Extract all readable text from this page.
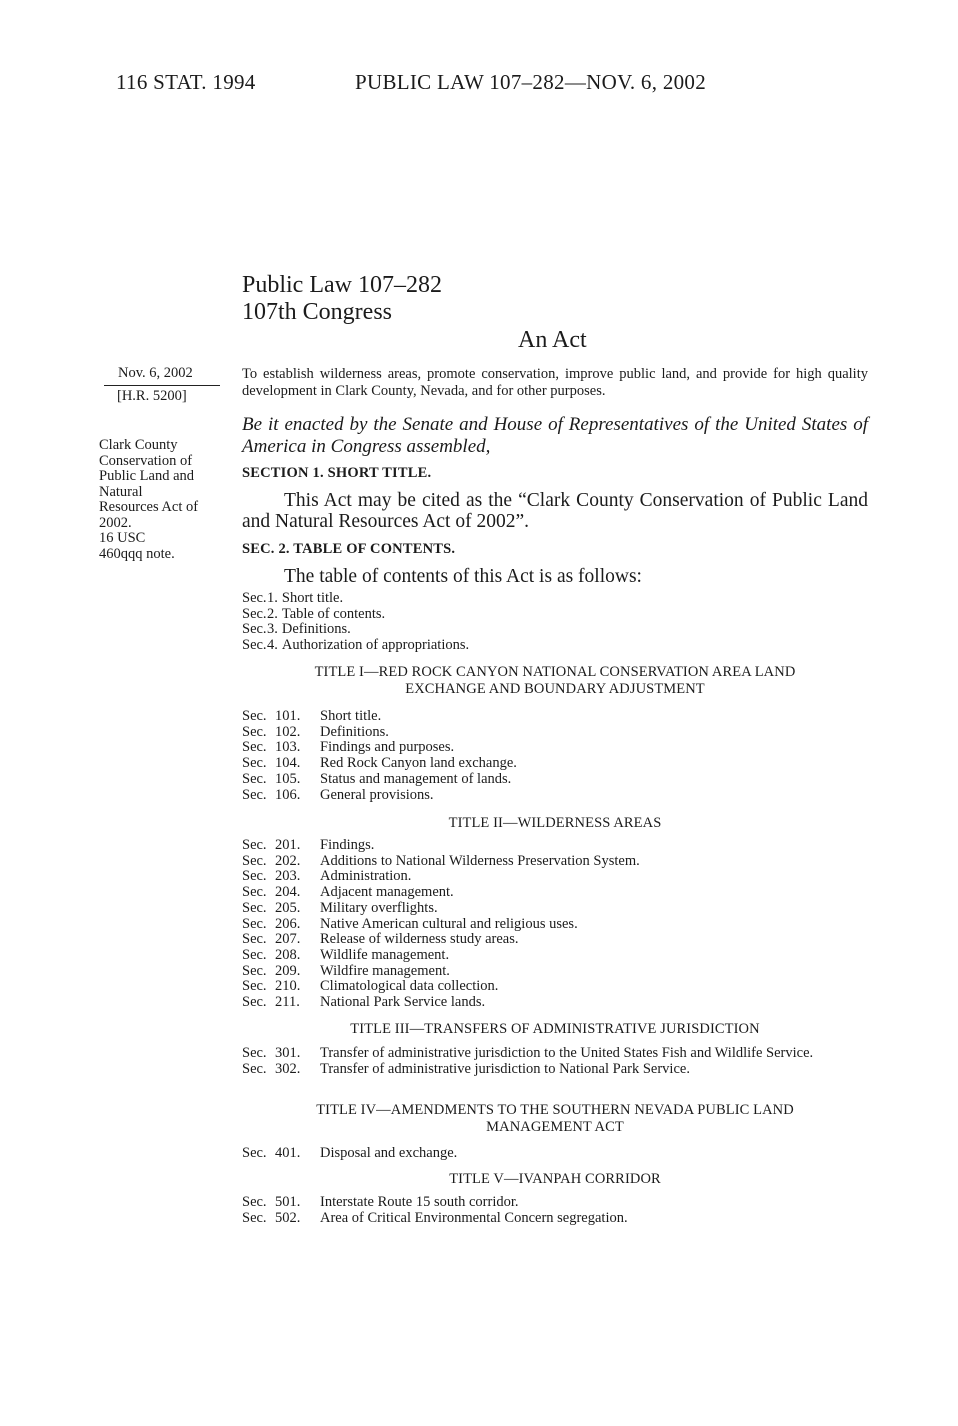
116 STAT. 1994	PUBLIC LAW 107–282—NOV. 6, 2002
Public Law 107–282
107th Congress
An Act
Nov. 6, 2002
[H.R. 5200]
Clark County
Conservation of
Public Land and
Natural
Resources Act of
2002.
16 USC
460qqq note.
To establish wilderness areas, promote conservation, improve public land, and provide for high quality development in Clark County, Nevada, and for other purposes.
Be it enacted by the Senate and House of Representatives of the United States of America in Congress assembled,
SECTION 1. SHORT TITLE.
This Act may be cited as the “Clark County Conservation of Public Land and Natural Resources Act of 2002”.
SEC. 2. TABLE OF CONTENTS.
The table of contents of this Act is as follows:
Sec. 1. Short title.
Sec. 2. Table of contents.
Sec. 3. Definitions.
Sec. 4. Authorization of appropriations.
TITLE I—RED ROCK CANYON NATIONAL CONSERVATION AREA LAND
EXCHANGE AND BOUNDARY ADJUSTMENT
Sec. 101.	Short title.
Sec. 102.	Definitions.
Sec. 103.	Findings and purposes.
Sec. 104.	Red Rock Canyon land exchange.
Sec. 105.	Status and management of lands.
Sec. 106.	General provisions.
TITLE II—WILDERNESS AREAS
Sec. 201.	Findings.
Sec. 202.	Additions to National Wilderness Preservation System.
Sec. 203.	Administration.
Sec. 204.	Adjacent management.
Sec. 205.	Military overflights.
Sec. 206.	Native American cultural and religious uses.
Sec. 207.	Release of wilderness study areas.
Sec. 208.	Wildlife management.
Sec. 209.	Wildfire management.
Sec. 210.	Climatological data collection.
Sec. 211.	National Park Service lands.
TITLE III—TRANSFERS OF ADMINISTRATIVE JURISDICTION
Sec. 301.	Transfer of administrative jurisdiction to the United States Fish and Wildlife Service.
Sec. 302.	Transfer of administrative jurisdiction to National Park Service.
TITLE IV—AMENDMENTS TO THE SOUTHERN NEVADA PUBLIC LAND
MANAGEMENT ACT
Sec. 401.	Disposal and exchange.
TITLE V—IVANPAH CORRIDOR
Sec. 501.	Interstate Route 15 south corridor.
Sec. 502.	Area of Critical Environmental Concern segregation.
